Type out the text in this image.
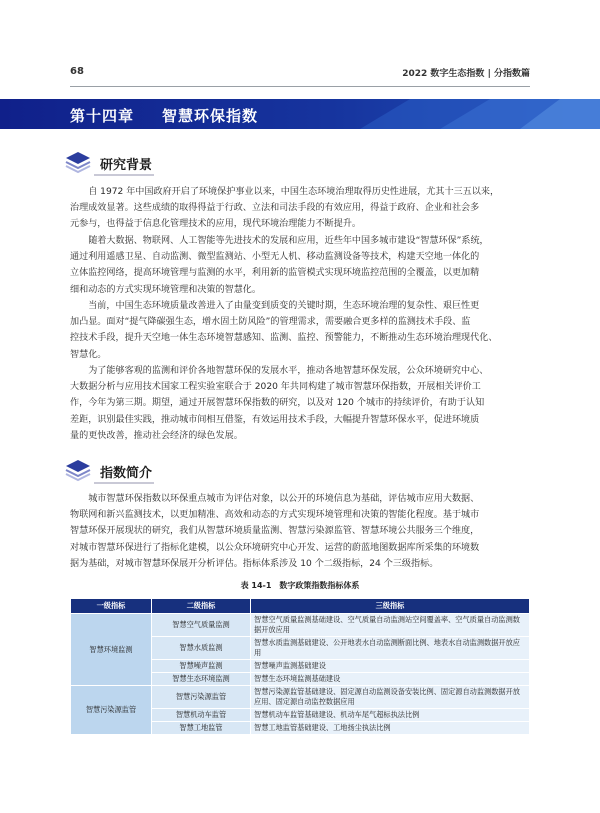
68	2022 数字生态指数 | 分指数篇
第十四章 智慧环保指数
研究背景
　　自 1972 年中国政府开启了环境保护事业以来，中国生态环境治理取得历史性进展，尤其十三五以来，
治理成效显著。这些成绩的取得得益于行政、立法和司法手段的有效应用，得益于政府、企业和社会多
元参与，也得益于信息化管理技术的应用，现代环境治理能力不断提升。
　　随着大数据、物联网、人工智能等先进技术的发展和应用，近些年中国多城市建设“智慧环保”系统，
通过利用遥感卫星、自动监测、微型监测站、小型无人机、移动监测设备等技术，构建天空地一体化的
立体监控网络，提高环境管理与监测的水平，利用新的监管模式实现环境监控范围的全覆盖，以更加精
细和动态的方式实现环境管理和决策的智慧化。
　　当前，中国生态环境质量改善进入了由量变到质变的关键时期，生态环境治理的复杂性、艰巨性更
加凸显。面对“提气降碳强生态，增水固土防风险”的管理需求，需要融合更多样的监测技术手段、监
控技术手段，提升天空地一体生态环境智慧感知、监测、监控、预警能力，不断推动生态环境治理现代化、
智慧化。
　　为了能够客观的监测和评价各地智慧环保的发展水平，推动各地智慧环保发展，公众环境研究中心、
大数据分析与应用技术国家工程实验室联合于 2020 年共同构建了城市智慧环保指数，开展相关评价工
作，今年为第三期。期望，通过开展智慧环保指数的研究，以及对 120 个城市的持续评价，有助于认知
差距，识别最佳实践，推动城市间相互借鉴，有效运用技术手段，大幅提升智慧环保水平，促进环境质
量的更快改善，推动社会经济的绿色发展。
指数简介
　　城市智慧环保指数以环保重点城市为评估对象，以公开的环境信息为基础，评估城市应用大数据、
物联网和新兴监测技术，以更加精准、高效和动态的方式实现环境管理和决策的智能化程度。基于城市
智慧环保开展现状的研究，我们从智慧环境质量监测、智慧污染源监管、智慧环境公共服务三个维度，
对城市智慧环保进行了指标化建模，以公众环境研究中心开发、运营的蔚蓝地图数据库所采集的环境数
据为基础，对城市智慧环保展开分析评估。指标体系涉及 10 个二级指标，24 个三级指标。
表 14-1　数字政策指数指标体系
一级指标	二级指标	三级指标
智慧环境监测	智慧空气质量监测	智慧空气质量监测基础建设、空气质量自动监测站空间覆盖率、空气质量自动监测数据开放应用
	智慧水质监测	智慧水质监测基础建设、公开地表水自动监测断面比例、地表水自动监测数据开放应用
	智慧噪声监测	智慧噪声监测基础建设
	智慧生态环境监测	智慧生态环境监测基础建设
智慧污染源监管	智慧污染源监管	智慧污染源监管基础建设、固定源自动监测设备安装比例、固定源自动监测数据开放应用、固定源自动监控数据应用
	智慧机动车监管	智慧机动车监管基础建设、机动车尾气超标执法比例
	智慧工地监管	智慧工地监管基础建设、工地扬尘执法比例
